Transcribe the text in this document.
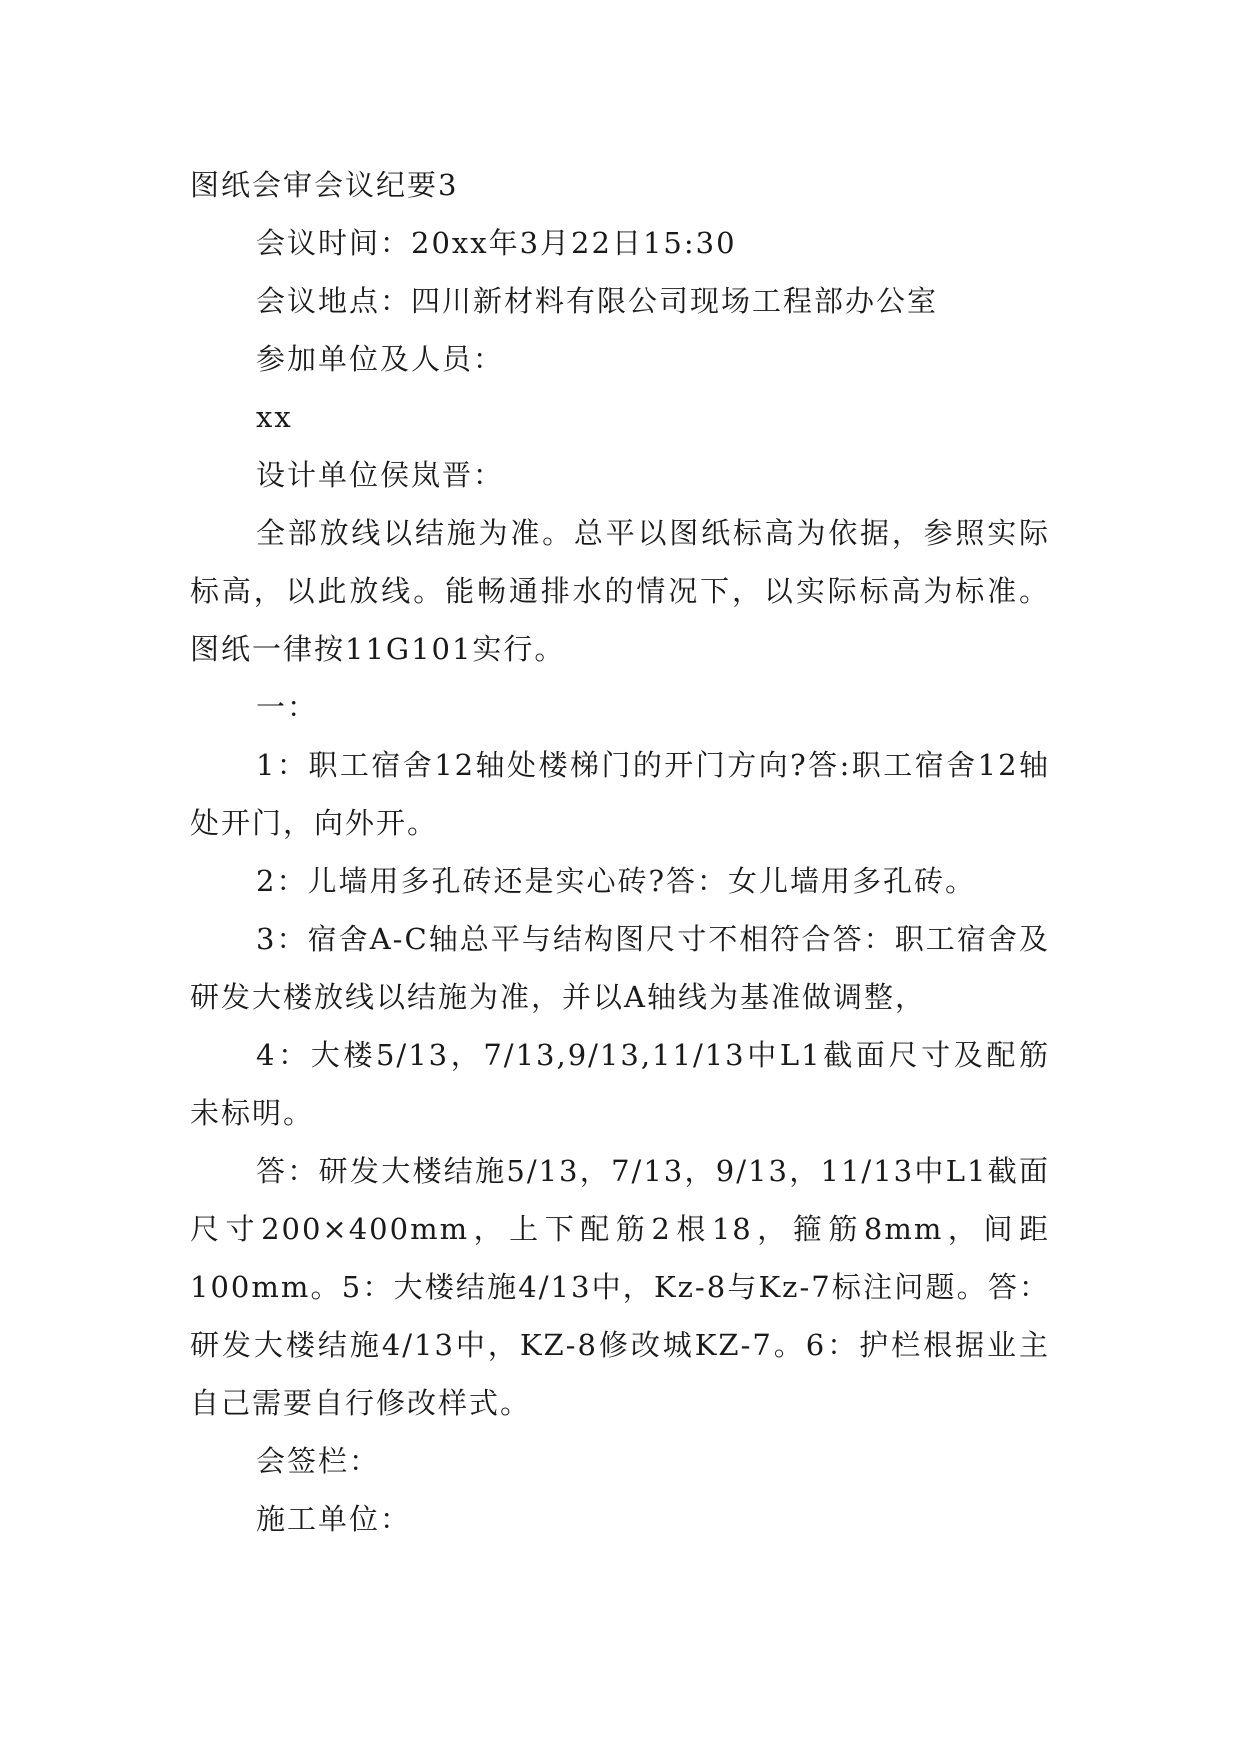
图纸会审会议纪要3

会议时间：20xx年3月22日15:30

会议地点：四川新材料有限公司现场工程部办公室

参加单位及人员：

xx

设计单位侯岚晋：

全部放线以结施为准。总平以图纸标高为依据，参照实际标高，以此放线。能畅通排水的情况下，以实际标高为标准。图纸一律按11G101实行。

一：

1：职工宿舍12轴处楼梯门的开门方向?答:职工宿舍12轴处开门，向外开。

2：儿墙用多孔砖还是实心砖?答：女儿墙用多孔砖。

3：宿舍A-C轴总平与结构图尺寸不相符合答：职工宿舍及研发大楼放线以结施为准，并以A轴线为基准做调整，

4：大楼5/13，7/13,9/13,11/13中L1截面尺寸及配筋未标明。

答：研发大楼结施5/13，7/13，9/13，11/13中L1截面尺寸200×400mm，上下配筋2根18，箍筋8mm，间距100mm。5：大楼结施4/13中，Kz-8与Kz-7标注问题。答：研发大楼结施4/13中，KZ-8修改城KZ-7。6：护栏根据业主自己需要自行修改样式。

会签栏：

施工单位：
